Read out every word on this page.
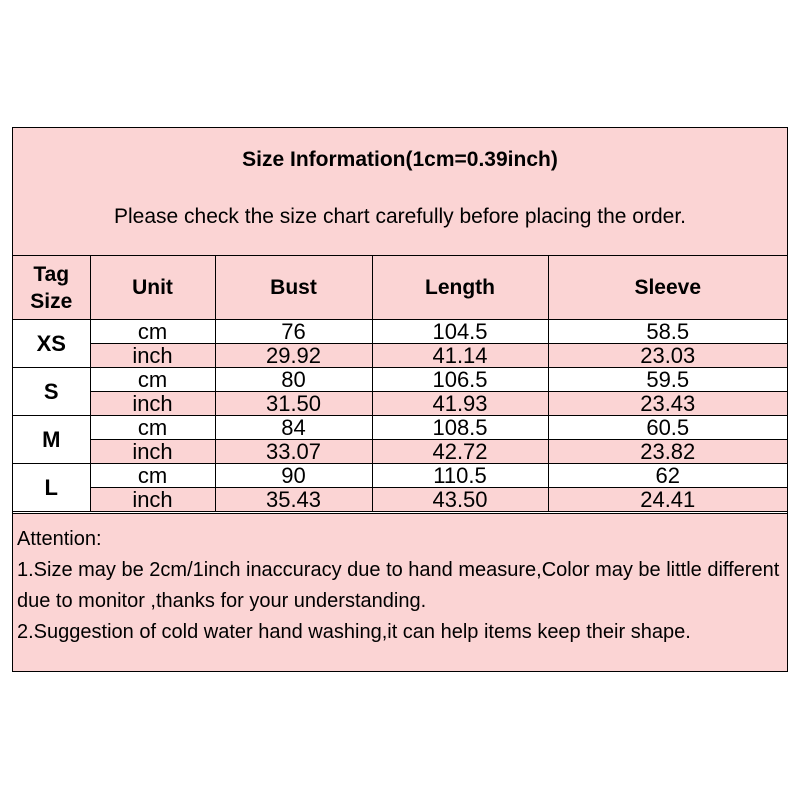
Size Information(1cm=0.39inch)
Please check the size chart carefully before placing the order.
Tag
Size	Unit	Bust	Length	Sleeve
XS	cm	76	104.5	58.5
	inch	29.92	41.14	23.03
S	cm	80	106.5	59.5
	inch	31.50	41.93	23.43
M	cm	84	108.5	60.5
	inch	33.07	42.72	23.82
L	cm	90	110.5	62
	inch	35.43	43.50	24.41
Attention:
1.Size may be 2cm/1inch inaccuracy due to hand measure,Color may be little different due to monitor ,thanks for your understanding.
2.Suggestion of cold water hand washing,it can help items keep their shape.
